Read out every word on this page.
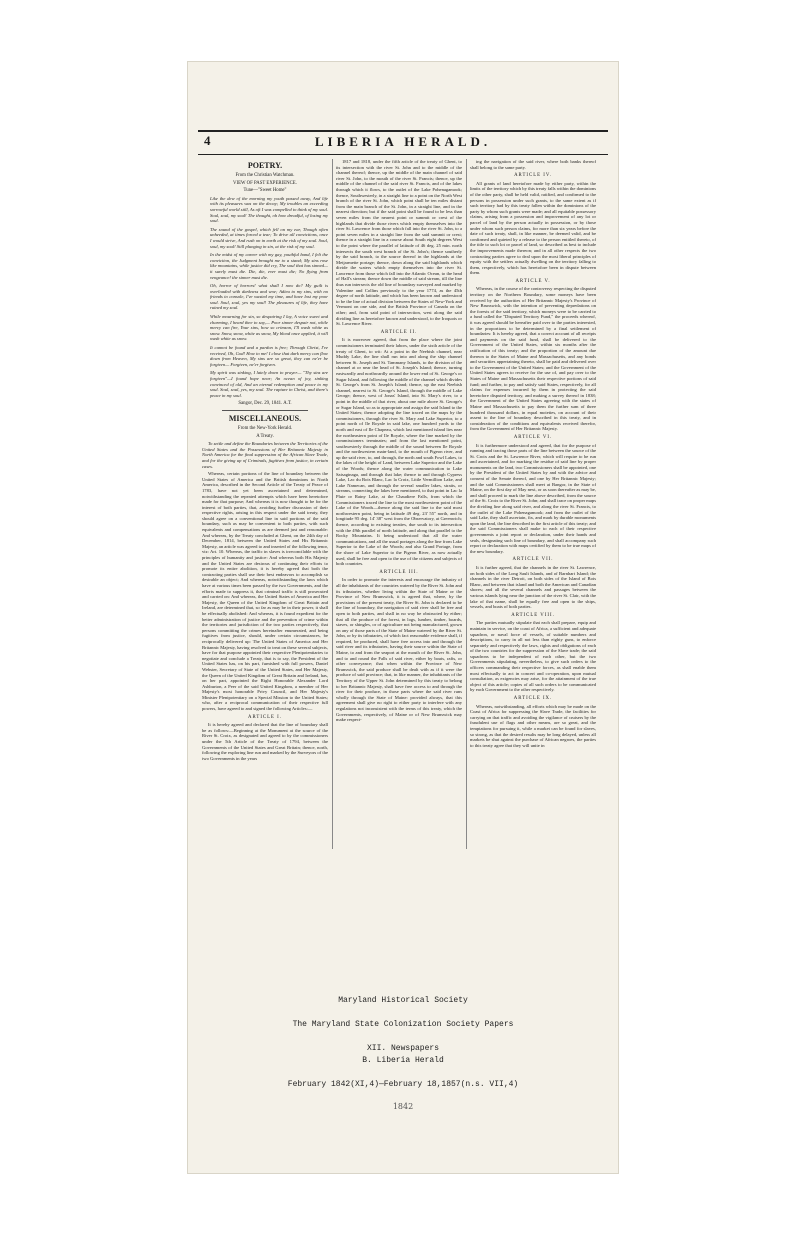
4	LIBERIA HERALD.
POETRY.
From the Christian Watchman.
VIEW OF PAST EXPERIENCE.
Tune—"Sweet Home"

Like the dew of the morning my youth passed away, And life with its pleasures was on the decay; My troubles an exceeding sorrowful world still, As oft I was compelled to think of my soul. Soul, soul, my soul! The thought, oh how dreadful, of losing my soul.

The sound of the gospel, which fell on my ear, Though often unheeded, at times forced a tear; To drive all convictions, once I would strive, And rush on in earth at the risk of my soul. Soul, soul, my soul! Still plunging in sin, at the risk of my soul.

In the midst of my career with my gay, youthful band, I felt the conviction, the Judgment brought me to a stand; My sins rose like mountains, while justice did cry, The soul that has sinned—it surely must die. Die, die, ever must die; No flying from vengeance! the sinner must die.

Oh, horror of horrors! what shall I now do? My guilt is overloaded with darkness and woe; Adieu to my sins, with no friends to console, I've wasted my time, and have lost my poor soul. Soul, soul, yes my soul! The pleasures of life, they have ruined my soul.

While mourning for sin, so despairing I lay, A voice sweet and charming, I heard thee to say,— Poor sinner despair not, while mercy can fire, Your sins, how so crimson, I'll wash white as snow. Snow, snow, white as snow, My blood once applied, it will wash white as snow.

It cannot be found and a pardon is free; Through Christ, I've received, Oh, God! How to me! I close that dark mercy can flow down from Heaven, My sins are so great, they can ne'er be forgiven— Forgiven, ne'er forgiven.

My spirit was sinking, I lately down to prayer— "Thy sins are forgiven"—I found hope near; An ocean of joy, sinking convinced of old, And an eternal redemption and peace to my soul. Soul, soul, yes, my soul. The rapture in Christ, and there's peace in my soul.

Sangor, Dec. 29, 1841. A.T.
MISCELLANEOUS.
From the New-York Herald.
A Treaty.

To settle and define the Boundaries between the Territories of the United States and the Possessions of Her Britannic Majesty in North America for the final suppression of the African Slave Trade, and for the giving up of Criminals, fugitives from justice, in certain cases.

Whereas, certain portions of the line of boundary between the United States of America and the British dominions in North America, described in the Second Article of the Treaty of Peace of 1783, have not yet been ascertained and determined, notwithstanding the repeated attempts which have been heretofore made for that purpose; And whereas it is now thought to be for the interest of both parties, that, avoiding further discussion of their respective rights, arising in this respect under the said treaty, they should agree on a conventional line in said portions of the said boundary, such as may be convenient to both parties, with such equivalents and compensations as are deemed just and reasonable: And whereas, by the Treaty concluded at Ghent, on the 24th day of December, 1814, between the United States and His Britannic Majesty, an article was agreed to and inserted of the following tenor, viz: Art. 10. Whereas, the traffic in slaves is irreconcilable with the principles of humanity and justice: And whereas both His Majesty and the United States are desirous of continuing their efforts to promote its entire abolition, it is hereby agreed that both the contracting parties shall use their best endeavors to accomplish so desirable an object; And whereas, notwithstanding the laws which have at various times been passed by the two Governments, and the efforts made to suppress it, that criminal traffic is still prosecuted and carried on: And whereas, the United States of America and Her Majesty, the Queen of the United Kingdom of Great Britain and Ireland, are determined that, so far as may be in their power, it shall be effectually abolished: And whereas, it is found expedient for the better administration of justice and the prevention of crime within the territories and jurisdiction of the two parties respectively, that persons committing the crimes hereinafter enumerated, and being fugitives from justice, should, under certain circumstances, be reciprocally delivered up: The United States of America and Her Britannic Majesty, having resolved to treat on these several subjects, have for that purpose appointed their respective Plenipotentiaries to negotiate and conclude a Treaty, that is to say, the President of the United States has, on his part, furnished with full powers, Daniel Webster, Secretary of State of the United States, and Her Majesty, the Queen of the United Kingdom of Great Britain and Ireland, has, on her part, appointed the Right Honorable Alexander Lord Ashburton, a Peer of the said United Kingdom, a member of Her Majesty's most honorable Privy Council, and Her Majesty's Minister Plenipotentiary on a Special Mission to the United States; who, after a reciprocal communication of their respective full powers, have agreed to and signed the following Articles:—

ARTICLE I.

It is hereby agreed and declared that the line of boundary shall be as follows:—Beginning at the Monument at the source of the River St. Croix, as designated and agreed to by the commissioners under the 5th Article of the Treaty of 1794, between the Governments of the United States and Great Britain; thence, north, following the exploring line run and marked by the Surveyors of the two Governments in the years

1817 and 1818, under the fifth article of the treaty of Ghent, to its intersection with the river St. John and to the middle of the channel thereof; thence, up the middle of the main channel of said river St. John, to the mouth of the river St. Francis; thence, up the middle of the channel of the said river St. Francis, and of the lakes through which it flows, to the outlet of the Lake Pohenagamook; thence, Southwesterly, in a straight line to a point on the North West branch of the river St. John, which point shall be ten miles distant from the main branch of the St. John, in a straight line, and in the nearest direction; but if the said point shall be found to be less than seven miles from the nearest point or summit or crest of the highlands that divide those rivers which empty themselves into the river St. Lawrence from those which fall into the river St. John, to a point seven miles in a straight line from the said summit or crest; thence in a straight line in a course about South eight degrees West to the point where the parallel of latitude of 46 deg. 25 min. north intersects the south west branch of the St. John's; thence southerly by the said branch, to the source thereof in the highlands at the Metjarmette portage; thence, down along the said highlands which divide the waters which empty themselves into the river St. Lawrence from those which fall into the Atlantic Ocean, to the head of Hall's stream; thence down the middle of said stream, till the line thus run intersects the old line of boundary surveyed and marked by Valentine and Collins previously to the year 1774, as the 45th degree of north latitude, and which has been known and understood to be the line of actual division between the States of New-York and Vermont on one side, and the British Province of Canada on the other; and, from said point of intersection, west along the said dividing line as heretofore known and understood, to the Iroquois or St. Lawrence River.

ARTICLE II.

It is moreover agreed, that from the place where the joint commissioners terminated their labors, under the sixth article of the treaty of Ghent, to wit: At a point in the Neebish channel, near Muddy Lake, the line shall run into and along the ship channel between St. Joseph and St. Tammany Islands, to the division of the channel at or near the head of St. Joseph's Island; thence, turning eastwardly and northwardly around the lower end of St. George's or Sugar Island, and following the middle of the channel which divides St. George's from St. Joseph's Island; thence, up the east Neebish channel, nearest to St. George's Island, through the middle of Lake George; thence, west of Jonas' Island, into St. Mary's river, to a point in the middle of that river, about one mile above St. George's or Sugar Island, so as to appropriate and assign the said Island to the United States; thence adopting the line traced on the maps by the commissioners, through the river St. Mary and Lake Superior, to a point north of Ile Royale in said lake, one hundred yards to the north and east of Ile Chapeau, which last mentioned island lies near the northeastern point of Ile Royale, where the line marked by the commissioners terminates; and from the last mentioned point, southwesterly through the middle of the sound between Ile Royale and the northwestern main-land, to the mouth of Pigeon river, and up the said river, to, and through, the north and south Fowl Lakes, to the lakes of the height of Land, between Lake Superior and the Lake of the Woods; thence along the water communication to Lake Saisaginaga, and through that lake; thence to and through Cypress Lake, Lac du Bois Blanc, Lac la Croix, Little Vermillion Lake, and Lake Namecan, and through the several smaller lakes, straits, or streams, connecting the lakes here mentioned, to that point in Lac la Pluie or Rainy Lake, at the Chaudiere Falls, from which the Commissioners traced the line to the most northwestern point of the Lake of the Woods—thence along the said line to the said most northwestern point, being in latitude 49 deg. 23' 55" north, and in longitude 95 deg. 14' 38" west from the Observatory, at Greenwich; thence, according to existing treaties, due south to its intersection with the 49th parallel of north latitude, and along that parallel to the Rocky Mountains. It being understood that all the water communications, and all the usual portages along the line from Lake Superior to the Lake of the Woods; and also Grand Portage, from the shore of Lake Superior to the Pigeon River, as now actually used, shall be free and open to the use of the citizens and subjects of both countries.

ARTICLE III.

In order to promote the interests and encourage the industry of all the inhabitants of the countries watered by the River St. John and its tributaries, whether living within the State of Maine or the Province of New Brunswick, it is agreed that, where, by the provisions of the present treaty, the River St. John is declared to be the line of boundary, the navigation of said river shall be free and open to both parties, and shall in no way be obstructed by either; that all the produce of the forest, in logs, lumber, timber, boards, staves, or shingles, or of agriculture not being manufactured, grown on any of those parts of the State of Maine watered by the River St. John, or by its tributaries, of which fact reasonable evidence shall, if required, be produced, shall have free access into and through the said river and its tributaries, having their source within the State of Maine, to and from the seaport at the mouth of the River St. John, and to and round the Falls of said river, either by boats, rafts, or other conveyance; that when within the Province of New Brunswick, the said produce shall be dealt with as if it were the produce of said province; that, in like manner, the inhabitants of the Territory of the Upper St. John determined by this treaty to belong to her Britannic Majesty, shall have free access to and through the river for their produce, in those parts where the said river runs wholly through the State of Maine: provided always, that this agreement shall give no right to either party to interfere with any regulations not inconsistent with the terms of this treaty, which the Governments, respectively, of Maine or of New Brunswick may make respect-

ing the navigation of the said river, where both banks thereof shall belong to the same party.

ARTICLE IV.

All grants of land heretofore made by either party, within the limits of the territory which by this treaty falls within the dominions of the other party, shall be held valid, ratified, and confirmed to the persons in possession under such grants, to the same extent as if such territory had by this treaty fallen within the dominions of the party by whom such grants were made; and all equitable possessory claims, arising from a possession and improvement of any lot or parcel of land by the person actually in possession, or by those under whom such person claims, for more than six years before the date of such treaty, shall, in like manner, be deemed valid, and be confirmed and quieted by a release to the person entitled thereto, of the title to such lot or parcel of land, so described as best to include the improvements made thereon; and in all other respects the two contracting parties agree to deal upon the most liberal principles of equity with the settlers actually dwelling on the territory falling to them, respectively, which has heretofore been in dispute between them.

ARTICLE V.

Whereas, in the course of the controversy respecting the disputed territory on the Northern Boundary, some moneys have been received by the authorities of Her Britannic Majesty's Province of New Brunswick, with the intention of preventing depredations on the forests of the said territory, which moneys were to be carried to a fund called the "Disputed Territory Fund," the proceeds whereof, it was agreed should be hereafter paid over to the parties interested, in the proportions to be determined by a final settlement of boundaries: It is hereby agreed, that a correct account of all receipts and payments on the said fund, shall be delivered to the Government of the United States, within six months after the ratification of this treaty; and the proportion of the amount due thereon to the States of Maine and Massachusetts, and any bonds and securities appertaining thereto, shall be paid and delivered over to the Government of the United States; and the Government of the United States agrees to receive for the use of, and pay over to the States of Maine and Massachusetts their respective portions of said fund; and further, to pay and satisfy said States, respectively, for all claims for expenses incurred by them in protecting the said heretofore disputed territory, and making a survey thereof in 1838; the Government of the United States agreeing with the states of Maine and Massachusetts to pay them the further sum of three hundred thousand dollars, in equal moieties, on account of their assent to the line of boundary described in this treaty, and in consideration of the conditions and equivalents received therefor, from the Government of Her Britannic Majesty.

ARTICLE VI.

It is furthermore understood and agreed, that for the purpose of running and tracing those parts of the line between the source of the St. Croix and the St. Lawrence River, which will require to be run and ascertained, and for marking the residue of said line by proper monuments on the land, two Commissioners shall be appointed, one by the President of the United States by and with the advice and consent of the Senate thereof, and one by Her Britannic Majesty; and the said Commissioners shall meet at Bangor, in the State of Maine, on the first day of May next, or as soon thereafter as may be, and shall proceed to mark the line above described, from the source of the St. Croix to the River St. John; and shall trace on proper maps the dividing line along said river, and along the river St. Francis, to the outlet of the Lake Pohenagamook; and from the outlet of the said Lake, they shall ascertain, fix, and mark by durable monuments upon the land, the line described in the first article of this treaty; and the said Commissioners shall make to each of their respective governments a joint report or declaration, under their hands and seals, designating such line of boundary, and shall accompany such report or declaration with maps certified by them to be true maps of the new boundary.

ARTICLE VII.

It is further agreed, that the channels in the river St. Lawrence, on both sides of the Long Sault Islands, and of Barnhart Island; the channels in the river Detroit, on both sides of the Island of Bois Blanc, and between that island and both the American and Canadian shores; and all the several channels and passages between the various islands lying near the junction of the river St. Clair, with the lake of that name, shall be equally free and open to the ships, vessels, and boats of both parties.

ARTICLE VIII.

The parties mutually stipulate that each shall prepare, equip and maintain in service, on the coast of Africa, a sufficient and adequate squadron, or naval force of vessels, of suitable numbers and descriptions, to carry in all not less than eighty guns, to enforce separately and respectively the laws, rights and obligations of each of the two countries for the suppression of the Slave trade; the said squadrons to be independent of each other, but the two Governments stipulating, nevertheless, to give such orders to the officers commanding their respective forces, as shall enable them most effectually to act in concert and co-operation, upon mutual consultation, as exigencies may arise, for the attainment of the true object of this article; copies of all such orders to be communicated by each Government to the other respectively.

ARTICLE IX.

Whereas, notwithstanding, all efforts which may be made on the Coast of Africa for suppressing the Slave Trade, the facilities for carrying on that traffic and avoiding the vigilance of cruisers by the fraudulent use of flags and other means, are so great, and the temptations for pursuing it, while a market can be found for slaves, so strong, as that the desired results may be long delayed, unless all markets be shut against the purchase of African negroes, the parties to this treaty agree that they will unite in

Maryland Historical Society
The Maryland State Colonization Society Papers
XII. Newspapers
B. Liberia Herald
February 1842(XI,4)—February 18,1857(n.s. VII,4)
1842
